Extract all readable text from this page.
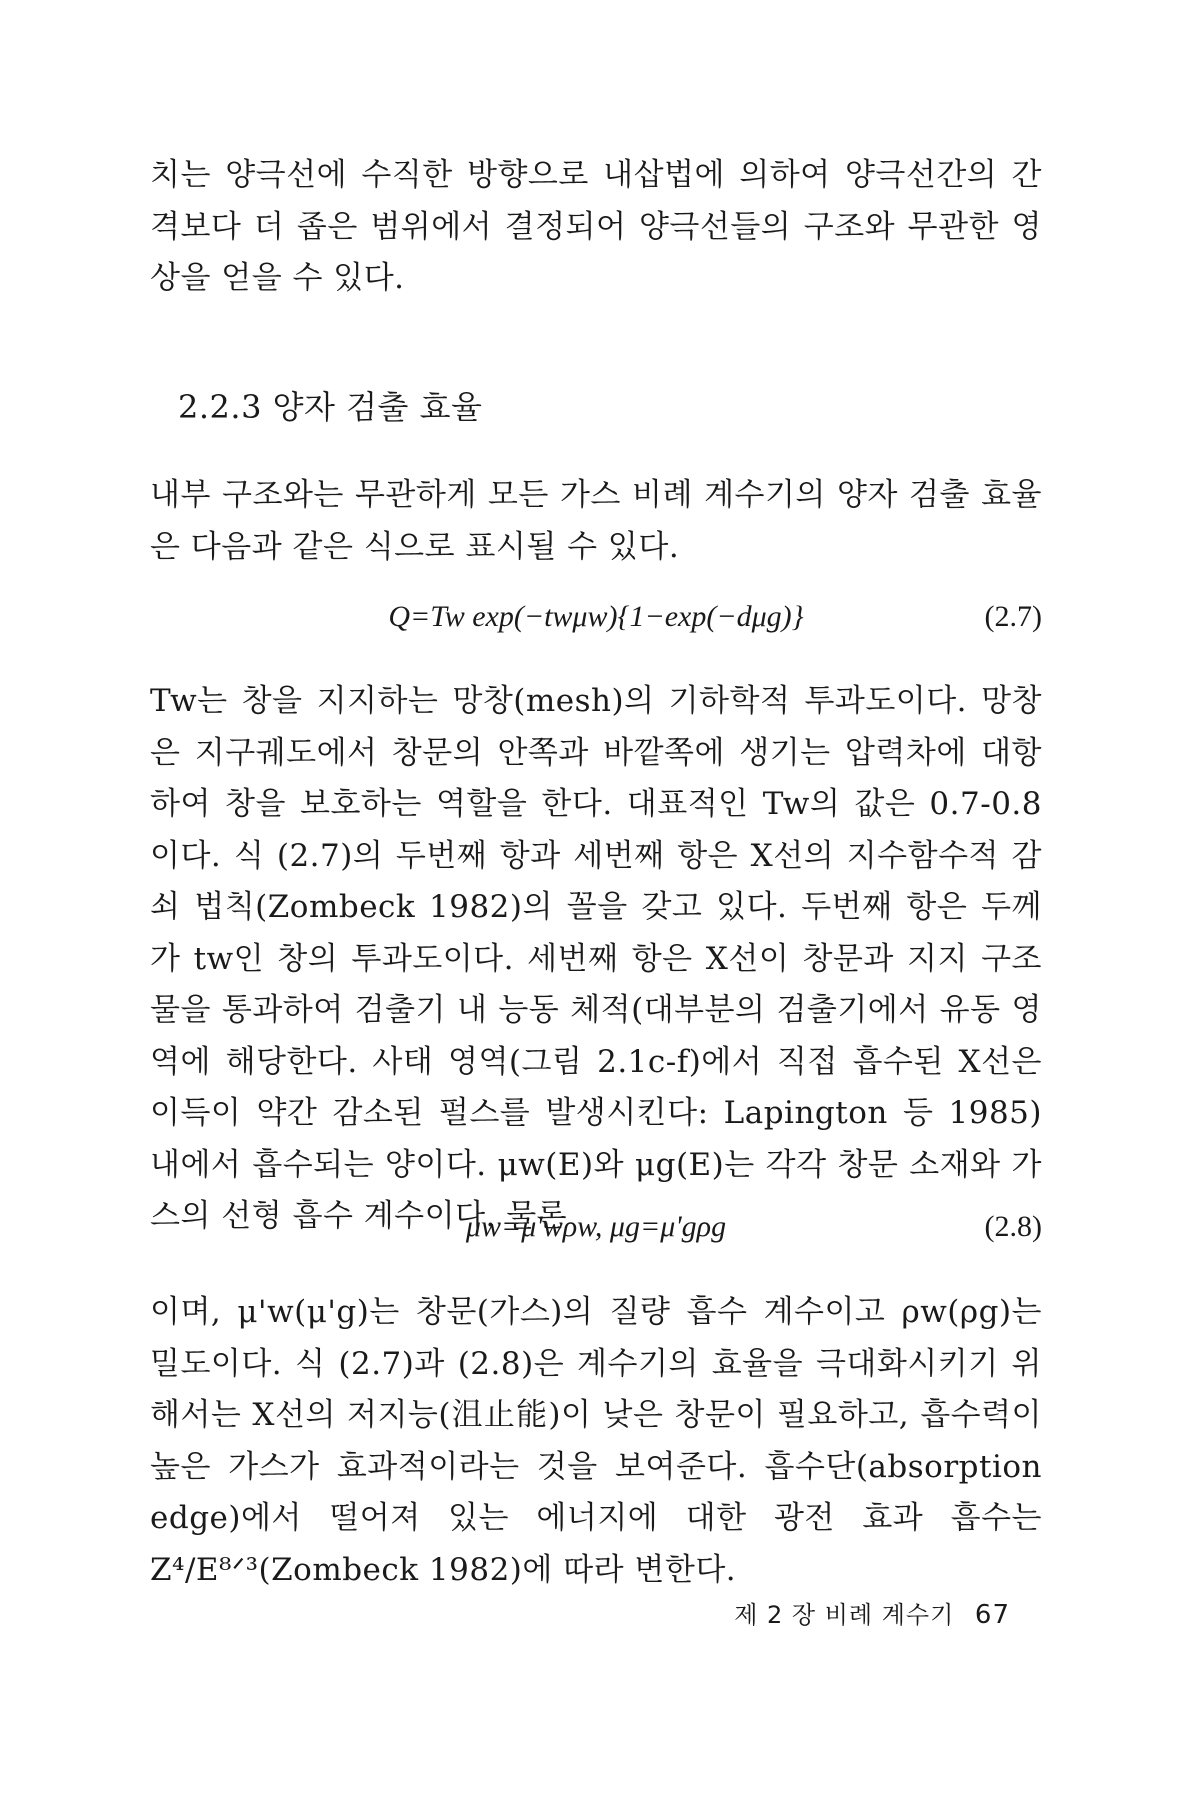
치는 양극선에 수직한 방향으로 내삽법에 의하여 양극선간의 간격보다 더 좁은 범위에서 결정되어 양극선들의 구조와 무관한 영상을 얻을 수 있다.

2.2.3 양자 검출 효율

내부 구조와는 무관하게 모든 가스 비례 계수기의 양자 검출 효율은 다음과 같은 식으로 표시될 수 있다.

Q=Tw exp(−twμw){1−exp(−dμg)}	(2.7)

Tw는 창을 지지하는 망창(mesh)의 기하학적 투과도이다. 망창은 지구궤도에서 창문의 안쪽과 바깥쪽에 생기는 압력차에 대항하여 창을 보호하는 역할을 한다. 대표적인 Tw의 값은 0.7-0.8이다. 식 (2.7)의 두번째 항과 세번째 항은 X선의 지수함수적 감쇠 법칙(Zombeck 1982)의 꼴을 갖고 있다. 두번째 항은 두께가 tw인 창의 투과도이다. 세번째 항은 X선이 창문과 지지 구조물을 통과하여 검출기 내 능동 체적(대부분의 검출기에서 유동 영역에 해당한다. 사태 영역(그림 2.1c-f)에서 직접 흡수된 X선은 이득이 약간 감소된 펄스를 발생시킨다: Lapington 등 1985) 내에서 흡수되는 양이다. μw(E)와 μg(E)는 각각 창문 소재와 가스의 선형 흡수 계수이다. 물론

μw=μ'wρw, μg=μ'gρg	(2.8)

이며, μ'w(μ'g)는 창문(가스)의 질량 흡수 계수이고 ρw(ρg)는 밀도이다. 식 (2.7)과 (2.8)은 계수기의 효율을 극대화시키기 위해서는 X선의 저지능(沮止能)이 낮은 창문이 필요하고, 흡수력이 높은 가스가 효과적이라는 것을 보여준다. 흡수단(absorption edge)에서 떨어져 있는 에너지에 대한 광전 효과 흡수는 Z⁴/E⁸ᐟ³(Zombeck 1982)에 따라 변한다.

제 2 장 비례 계수기 67
